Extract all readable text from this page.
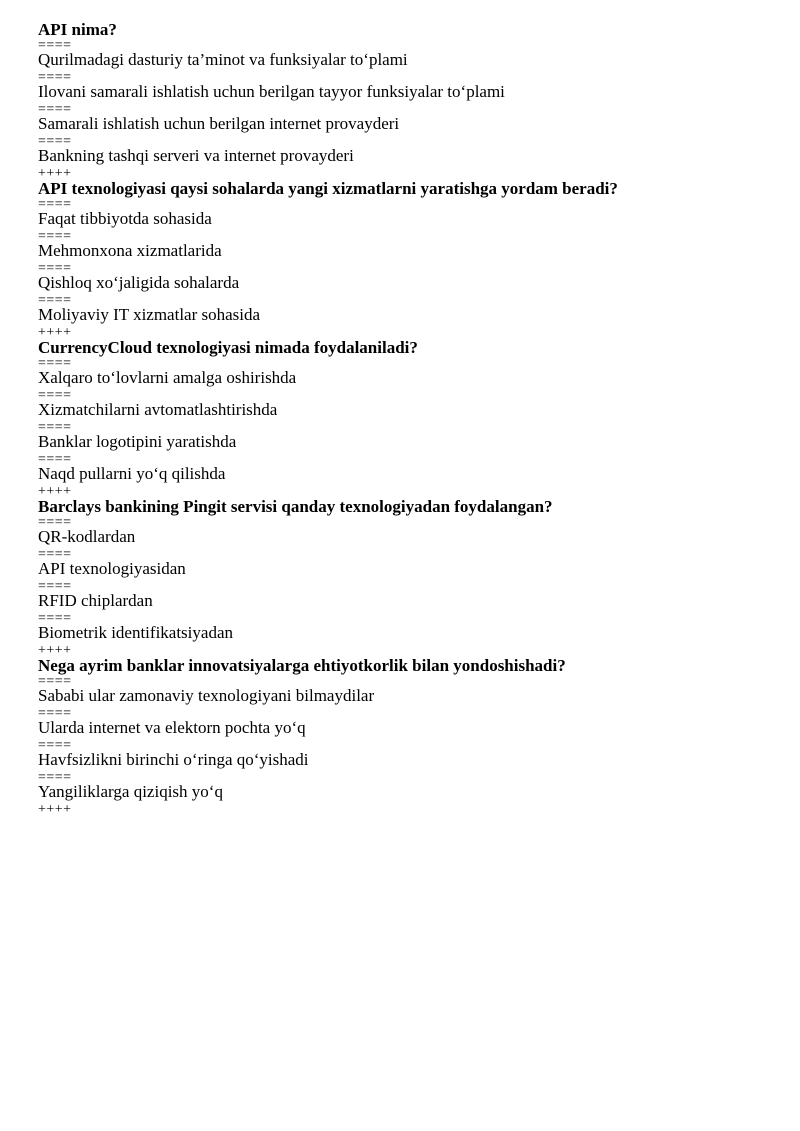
API nima?
====
Qurilmadagi dasturiy ta’minot va funksiyalar to‘plami
====
Ilovani samarali ishlatish uchun berilgan tayyor funksiyalar to‘plami
====
Samarali ishlatish uchun berilgan internet provayderi
====
Bankning tashqi serveri va internet provayderi
++++
API texnologiyasi qaysi sohalarda yangi xizmatlarni yaratishga yordam beradi?
====
Faqat tibbiyotda sohasida
====
Mehmonxona xizmatlarida
====
Qishloq xo‘jaligida sohalarda
====
Moliyaviy IT xizmatlar sohasida
++++
CurrencyCloud texnologiyasi nimada foydalaniladi?
====
Xalqaro to‘lovlarni amalga oshirishda
====
Xizmatchilarni avtomatlashtirishda
====
Banklar logotipini yaratishda
====
Naqd pullarni yo‘q qilishda
++++
Barclays bankining Pingit servisi qanday texnologiyadan foydalangan?
====
QR-kodlardan
====
API texnologiyasidan
====
RFID chiplardan
====
Biometrik identifikatsiyadan
++++
Nega ayrim banklar innovatsiyalarga ehtiyotkorlik bilan yondoshishadi?
====
Sababi ular zamonaviy texnologiyani bilmaydilar
====
Ularda internet va elektorn pochta yo‘q
====
Havfsizlikni birinchi o‘ringa qo‘yishadi
====
Yangiliklarga qiziqish yo‘q
++++
